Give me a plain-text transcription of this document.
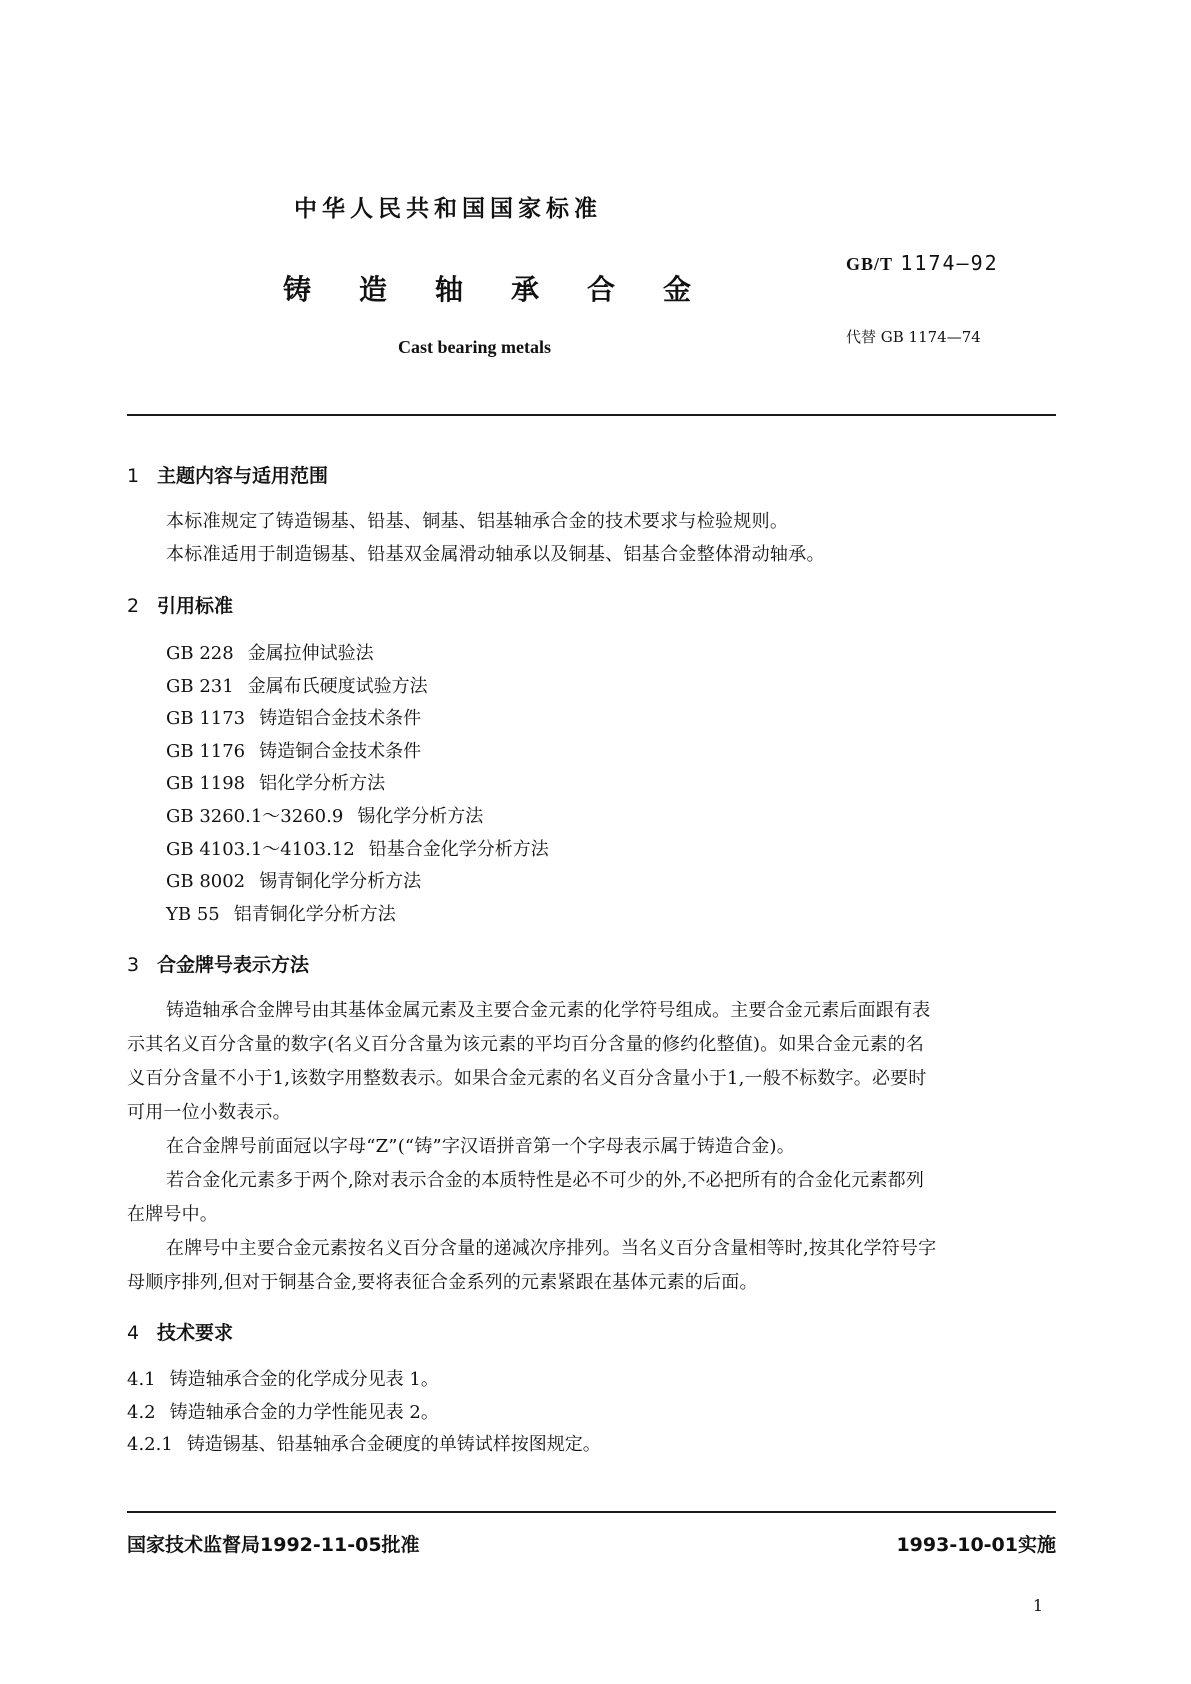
中华人民共和国国家标准
铸造轴承合金
Cast bearing metals
GB/T 1174—92
代替 GB 1174—74
1 主题内容与适用范围
本标准规定了铸造锡基、铅基、铜基、铝基轴承合金的技术要求与检验规则。
本标准适用于制造锡基、铅基双金属滑动轴承以及铜基、铝基合金整体滑动轴承。
2 引用标准
GB 228 金属拉伸试验法
GB 231 金属布氏硬度试验方法
GB 1173 铸造铝合金技术条件
GB 1176 铸造铜合金技术条件
GB 1198 铝化学分析方法
GB 3260.1～3260.9 锡化学分析方法
GB 4103.1～4103.12 铅基合金化学分析方法
GB 8002 锡青铜化学分析方法
YB 55 铝青铜化学分析方法
3 合金牌号表示方法
铸造轴承合金牌号由其基体金属元素及主要合金元素的化学符号组成。主要合金元素后面跟有表
示其名义百分含量的数字(名义百分含量为该元素的平均百分含量的修约化整值)。如果合金元素的名
义百分含量不小于1,该数字用整数表示。如果合金元素的名义百分含量小于1,一般不标数字。必要时
可用一位小数表示。
在合金牌号前面冠以字母“Z”(“铸”字汉语拼音第一个字母表示属于铸造合金)。
若合金化元素多于两个,除对表示合金的本质特性是必不可少的外,不必把所有的合金化元素都列
在牌号中。
在牌号中主要合金元素按名义百分含量的递减次序排列。当名义百分含量相等时,按其化学符号字
母顺序排列,但对于铜基合金,要将表征合金系列的元素紧跟在基体元素的后面。
4 技术要求
4.1 铸造轴承合金的化学成分见表 1。
4.2 铸造轴承合金的力学性能见表 2。
4.2.1 铸造锡基、铅基轴承合金硬度的单铸试样按图规定。
国家技术监督局1992-11-05批准	1993-10-01实施
1
